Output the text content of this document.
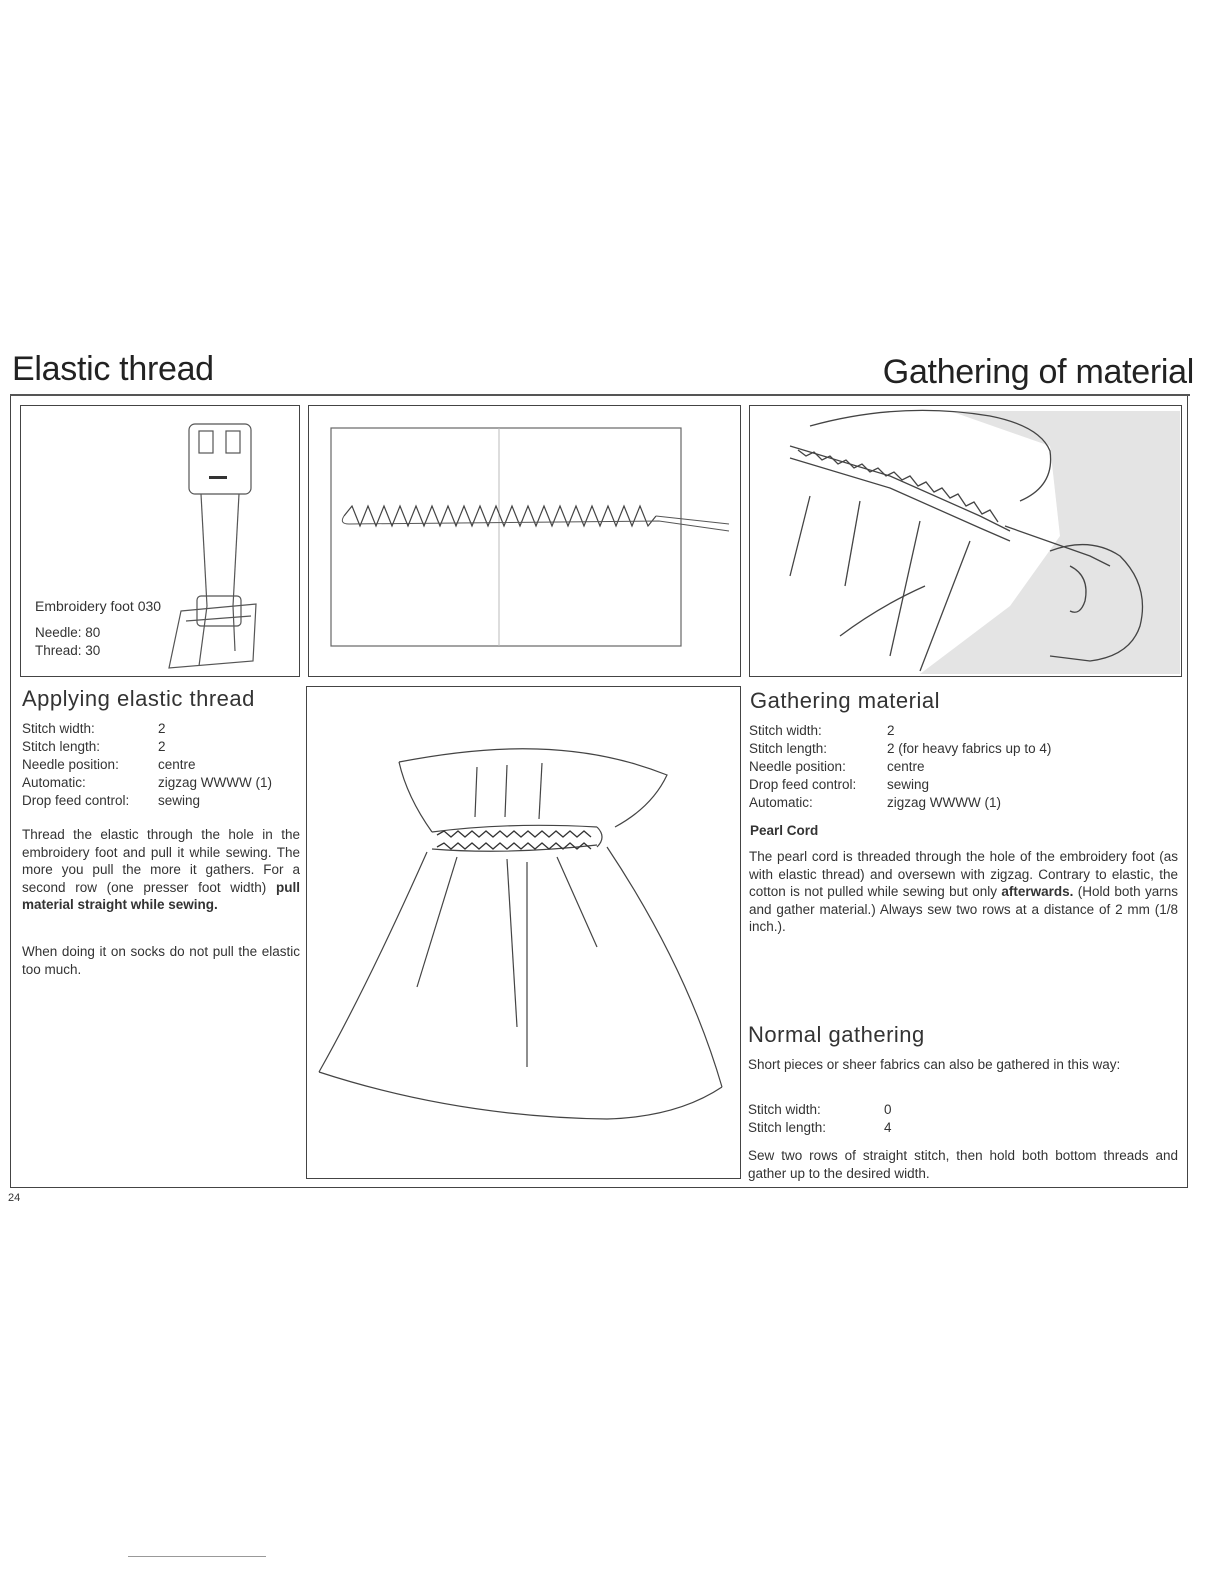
Elastic thread	Gathering of material
Embroidery foot 030
Needle: 80
Thread: 30
Applying elastic thread
Stitch width:	2
Stitch length:	2
Needle position:	centre
Automatic:	zigzag WWWW (1)
Drop feed control:	sewing

Thread the elastic through the hole in the embroidery foot and pull it while sewing. The more you pull the more it gathers. For a second row (one presser foot width) pull material straight while sewing.

When doing it on socks do not pull the elastic too much.

Gathering material
Stitch width:	2
Stitch length:	2 (for heavy fabrics up to 4)
Needle position:	centre
Drop feed control:	sewing
Automatic:	zigzag WWWW (1)
Pearl Cord

The pearl cord is threaded through the hole of the embroidery foot (as with elastic thread) and oversewn with zigzag. Contrary to elastic, the cotton is not pulled while sewing but only afterwards. (Hold both yarns and gather material.) Always sew two rows at a distance of 2 mm (1/8 inch.).

Normal gathering

Short pieces or sheer fabrics can also be gathered in this way:

Stitch width:	0
Stitch length:	4

Sew two rows of straight stitch, then hold both bottom threads and gather up to the desired width.

24
